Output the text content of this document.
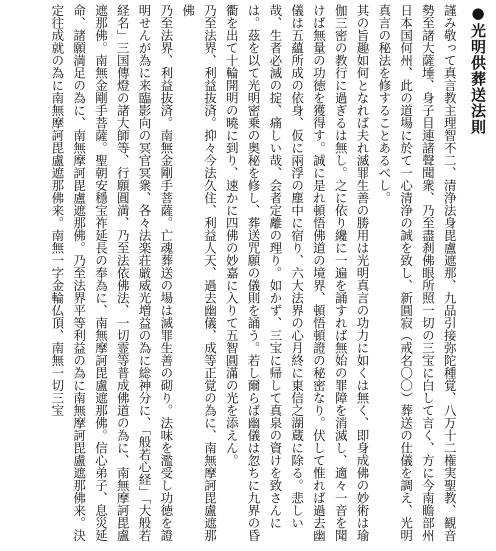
●光明供葬送法則

謹み敬って真言教主理智不二、清浄法身毘盧遮那、九品引接弥陀種覚、八万十二権実聖教、観音勢至諸大薩埵、身子目連諸聲聞衆、乃至盡刹佛眼所照一切の三宝に白して言く、方に今南瞻部州日本国何州、此の道場に於て一心清浄の誠を致し、新圓寂（戒名〇〇）葬送の仕儀を調え、光明真言の秘法を修することあるべし。

其の旨趣如何となれば夫れ滅罪生善の勝用は光明真言の功力に如くは無く、即身成佛の妙術は瑜伽三密の教行に過ぎるは無し。之に依り纔に一遍を誦すれば無始の罪障を消滅し、適々一音を聞けば無量の功徳を獲得す。誠に是れ頓悟佛道の境界、頓悟頓證の秘密なり。伏して惟れば過去幽儀は五蘊所成の依身、仮に兩浮の塵中に宿り、六大法界の心月終に東信之湖蔵に除る。悲しい哉、生者必滅の掟、痛しい哉、会者定離の理り。如かず、三宝に帰して真泉の資けを致さんには。茲を以て光明密乗の奥秘を修し、葬送咒願の儀則を誦う。若し爾らば幽儀は忽ちに九界の昏衢を出て十輪開明の曉に到り、速かに四佛の妙嘉に入りて五智圓滿の光を添えん。

乃至法界、利益抜済。抑々今法久住、利益人天、過去幽儀、成等正覚の為に、南無摩訶毘盧遮那佛

乃至法界、利益抜済。南無金剛手菩薩。亡魂葬送の場は滅罪生善の砌り。法味を濫受し功徳を證明せんが為に来臨影向の冥官冥衆、各々法楽荘厳威光増益の為に総神分に、「般若心経」「大般若経名」三国傳燈の諸大師等、行願圓満、乃至法依佛法、一切霊等普成佛道の為に、南無摩訶毘盧遮那佛。南無金剛手菩薩。聖朝安穩宝祚延長の奉為に、南無摩訶毘盧遮那佛。信心弟子、息災延命、諸願満足の為に、南無摩訶毘盧遮那佛。乃至法界平等利益の為に南無摩訶毘盧遮那佛来。決定往成就の為に南無摩訶毘盧遮那佛来。南無一字金輪仏頂、南無一切三宝
